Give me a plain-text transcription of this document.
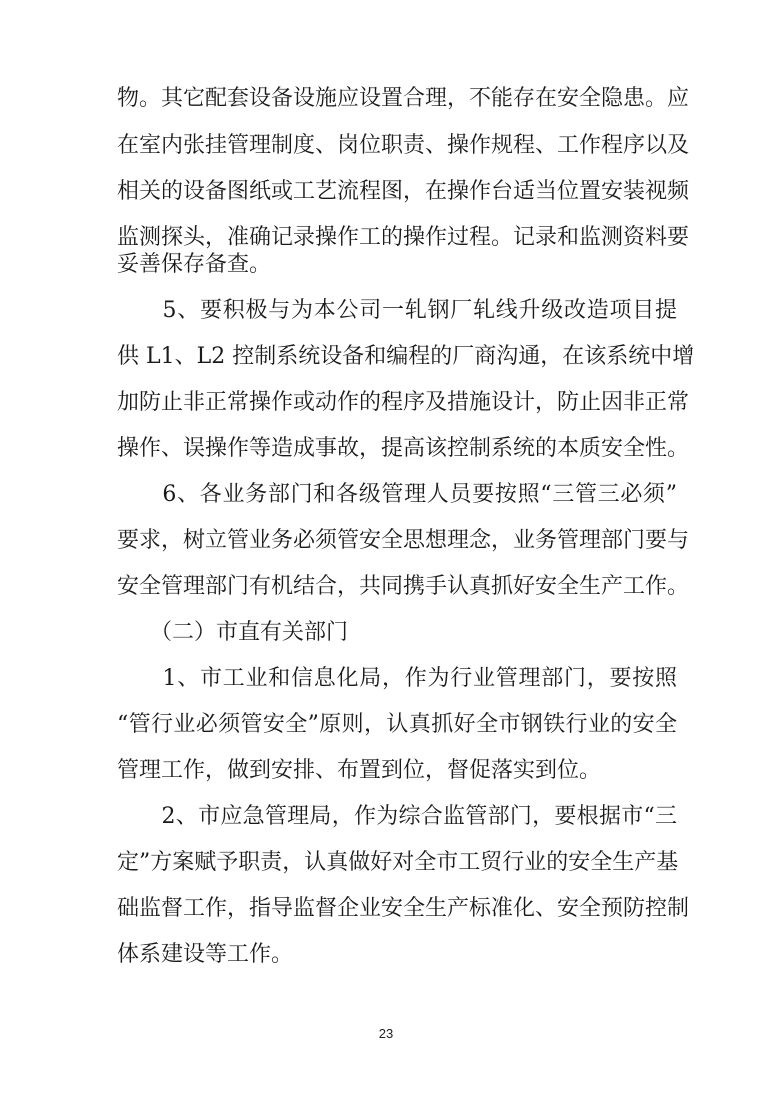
物。其它配套设备设施应设置合理，不能存在安全隐患。应
在室内张挂管理制度、岗位职责、操作规程、工作程序以及
相关的设备图纸或工艺流程图，在操作台适当位置安装视频
监测探头，准确记录操作工的操作过程。记录和监测资料要
妥善保存备查。
　　5、要积极与为本公司一轧钢厂轧线升级改造项目提
供 L1、L2 控制系统设备和编程的厂商沟通，在该系统中增
加防止非正常操作或动作的程序及措施设计，防止因非正常
操作、误操作等造成事故，提高该控制系统的本质安全性。
　　6、各业务部门和各级管理人员要按照“三管三必须”
要求，树立管业务必须管安全思想理念，业务管理部门要与
安全管理部门有机结合，共同携手认真抓好安全生产工作。
　　（二）市直有关部门
　　1、市工业和信息化局，作为行业管理部门，要按照
“管行业必须管安全”原则，认真抓好全市钢铁行业的安全
管理工作，做到安排、布置到位，督促落实到位。
　　2、市应急管理局，作为综合监管部门，要根据市“三
定”方案赋予职责，认真做好对全市工贸行业的安全生产基
础监督工作，指导监督企业安全生产标准化、安全预防控制
体系建设等工作。
23
